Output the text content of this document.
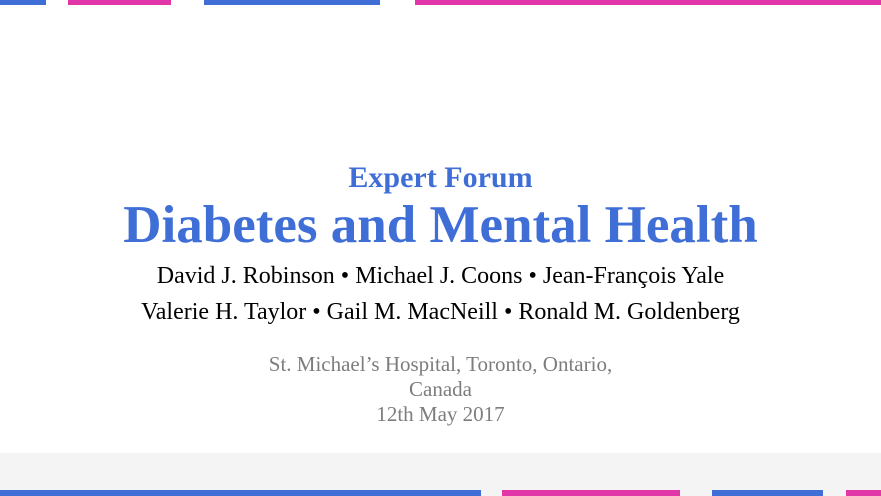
Expert Forum
Diabetes and Mental Health
David J. Robinson • Michael J. Coons • Jean-François Yale
Valerie H. Taylor • Gail M. MacNeill • Ronald M. Goldenberg
St. Michael’s Hospital, Toronto, Ontario,
Canada
12th May 2017
